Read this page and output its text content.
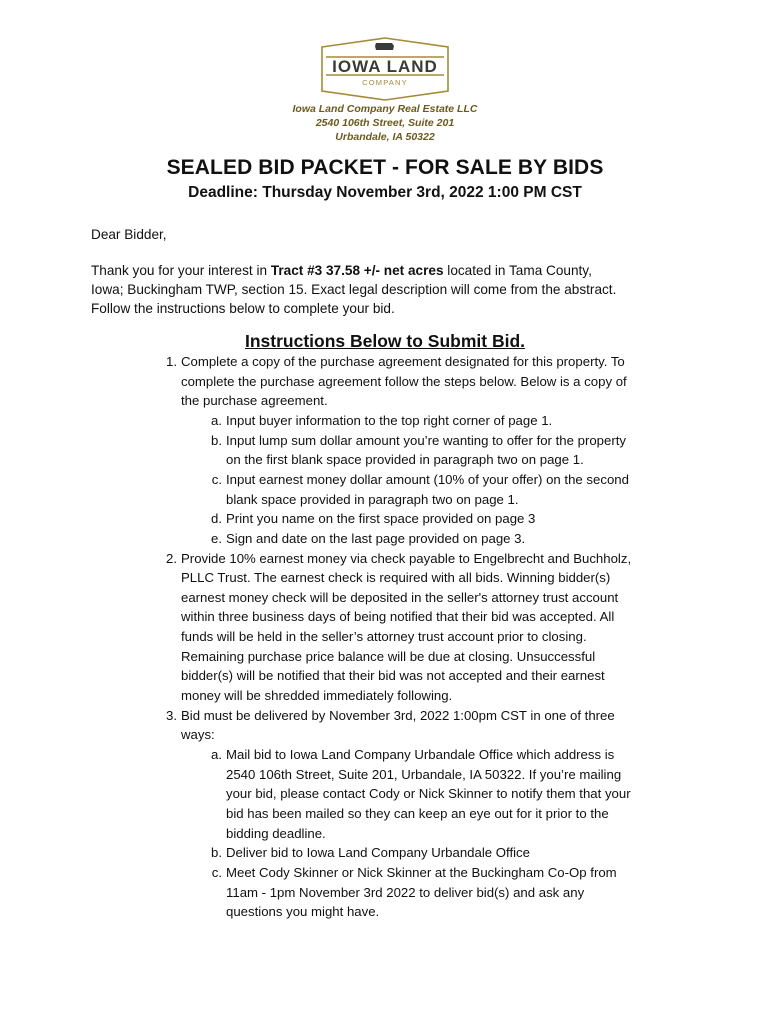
IOWA LAND
COMPANY
Iowa Land Company Real Estate LLC
2540 106th Street, Suite 201
Urbandale, IA 50322
SEALED BID PACKET - FOR SALE BY BIDS
Deadline: Thursday November 3rd, 2022 1:00 PM CST
Dear Bidder,
Thank you for your interest in Tract #3 37.58 +/- net acres located in Tama County,
Iowa; Buckingham TWP, section 15. Exact legal description will come from the abstract.
Follow the instructions below to complete your bid.
Instructions Below to Submit Bid.
1. Complete a copy of the purchase agreement designated for this property. To
complete the purchase agreement follow the steps below. Below is a copy of
the purchase agreement.
a. Input buyer information to the top right corner of page 1.
b. Input lump sum dollar amount you’re wanting to offer for the property
on the first blank space provided in paragraph two on page 1.
c. Input earnest money dollar amount (10% of your offer) on the second
blank space provided in paragraph two on page 1.
d. Print you name on the first space provided on page 3
e. Sign and date on the last page provided on page 3.
2. Provide 10% earnest money via check payable to Engelbrecht and Buchholz,
PLLC Trust. The earnest check is required with all bids. Winning bidder(s)
earnest money check will be deposited in the seller's attorney trust account
within three business days of being notified that their bid was accepted. All
funds will be held in the seller’s attorney trust account prior to closing.
Remaining purchase price balance will be due at closing. Unsuccessful
bidder(s) will be notified that their bid was not accepted and their earnest
money will be shredded immediately following.
3. Bid must be delivered by November 3rd, 2022 1:00pm CST in one of three
ways:
a. Mail bid to Iowa Land Company Urbandale Office which address is
2540 106th Street, Suite 201, Urbandale, IA 50322. If you’re mailing
your bid, please contact Cody or Nick Skinner to notify them that your
bid has been mailed so they can keep an eye out for it prior to the
bidding deadline.
b. Deliver bid to Iowa Land Company Urbandale Office
c. Meet Cody Skinner or Nick Skinner at the Buckingham Co-Op from
11am - 1pm November 3rd 2022 to deliver bid(s) and ask any
questions you might have.
